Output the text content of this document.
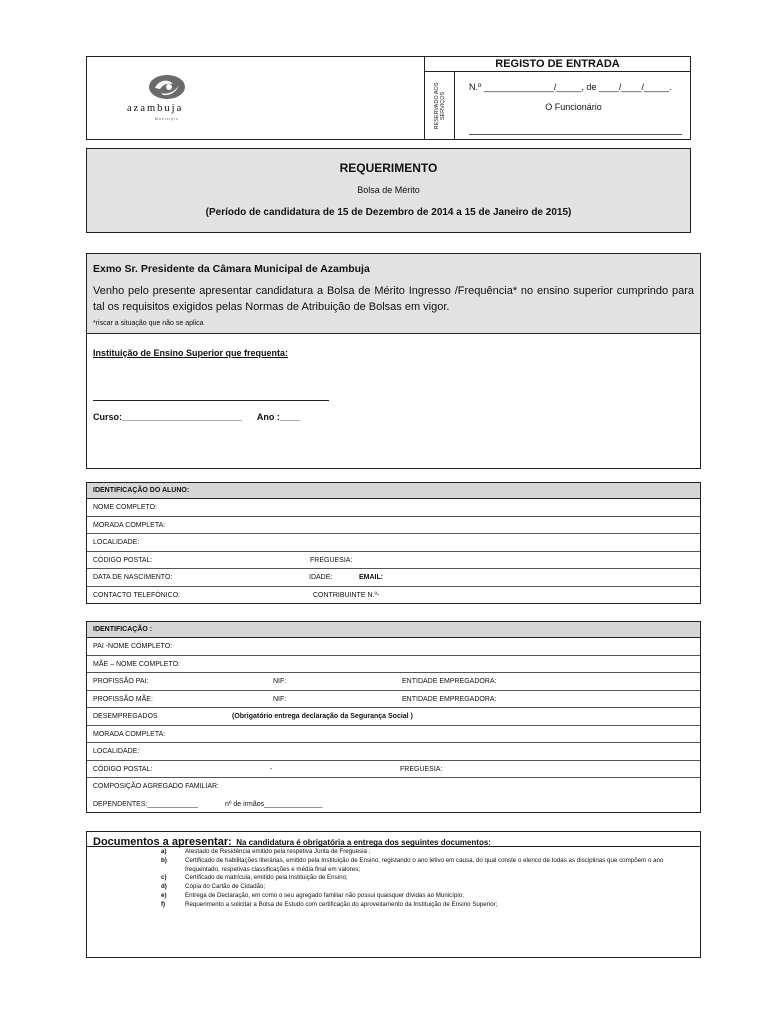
azambuja
Município
REGISTO DE ENTRADA
RESERVADO AOS SERVIÇOS
N.º ______________/_____, de ____/____/_____.
O Funcionário
REQUERIMENTO
Bolsa de Mérito
(Período de candidatura de 15 de Dezembro de 2014 a 15 de Janeiro de 2015)
Exmo Sr. Presidente da Câmara Municipal de Azambuja
Venho pelo presente apresentar candidatura a Bolsa de Mérito Ingresso /Frequência* no ensino superior cumprindo para tal os requisitos exigidos pelas Normas de Atribuição de Bolsas em vigor.
*riscar a situação que não se aplica
Instituição de Ensino Superior que frequenta:
Curso:________________________ Ano :____
IDENTIFICAÇÃO DO ALUNO:
NOME COMPLETO:
MORADA COMPLETA:
LOCALIDADE:
CÓDIGO POSTAL:	FREGUESIA:
DATA DE NASCIMENTO:	IDADE:	EMAIL:
CONTACTO TELEFÓNICO:	CONTRIBUINTE N.º-
IDENTIFICAÇÃO :
PAI -NOME COMPLETO:
MÃE – NOME COMPLETO:
PROFISSÃO PAI:	NIF:	ENTIDADE EMPREGADORA:
PROFISSÃO MÃE:	NIF:	ENTIDADE EMPREGADORA:
DESEMPREGADOS	(Obrigatório entrega declaração da Segurança Social )
MORADA COMPLETA:
LOCALIDADE:
CÓDIGO POSTAL:	-	FREGUESIA:
COMPOSIÇÃO AGREGADO FAMILIAR:
DEPENDENTES:_____________	nº de irmãos_______________
Documentos a apresentar: Na candidatura é obrigatória a entrega dos seguintes documentos:
a)	Atestado de Residência emitido pela respetiva Junta de Freguesia ;
b)	Certificado de habilitações literárias, emitido pela Instituição de Ensino, registando o ano letivo em causa, do qual conste o elenco de todas as disciplinas que compõem o ano frequentado, respetivas classificações e média final em valores;
c)	Certificado de matrícula, emitido pela Instituição de Ensino;
d)	Cópia do Cartão de Cidadão;
e)	Entrega de Declaração, em como o seu agregado familiar não possui quaisquer dívidas ao Município;
f)	Requerimento a solicitar a Bolsa de Estudo com certificação do aproveitamento da Instituição de Ensino Superior;
